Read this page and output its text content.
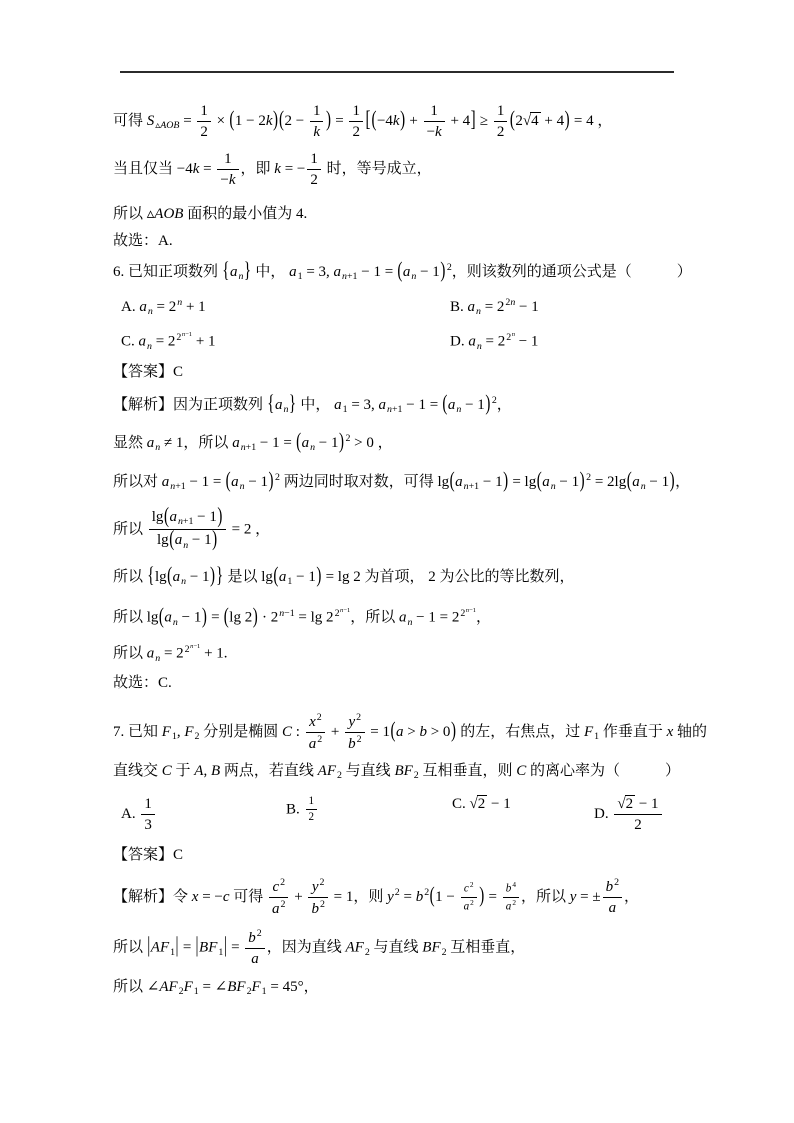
可得 $S_{▵AOB} = \frac{1}{2} \times (1 - 2k)(2 - \frac{1}{k}$ ) = $\frac{1}{2} [(-4k) + \frac{1}{-k} + 4] \ge \frac{1}{2} (2√4 + 4) = 4$ ，
当且仅当 $-4k = \frac{1}{-k}$ ，即 k = − $\frac{1}{2}$ 时，等号成立，
所以 ▵AOB 面积的最小值为 4.
故选：A.
6. 已知正项数列 $\{a_n\}$ 中， $a_1 = 3$, $a_{n+1} - 1 = (a_n - 1)$ $^2$，则该数列的通项公式是（　　　）
A. $a_n = 2^n + 1$	B. $a_n = 2^{2n} - 1$
C. $a_n = 2^{2^{n-1}} + 1$	D. $a_n = 2^{2^n} - 1$
【答案】C
【解析】因为正项数列 $\{a_n\}$ 中， $a_1 = 3$, $a_{n+1} - 1 = (a_n - 1)$ $^2$，
显然 $a_n \ne 1$，所以 $a_{n+1} - 1 = (a_n - 1) ^2 > 0$ ，
所以对 $a_{n+1} - 1 = (a_n - 1)$ $^2$ 两边同时取对数，可得 $\lg(a_{n+1} - 1) = \lg(a_n - 1) ^2 = 2\lg(a_n - 1)$，
所以 $\frac{\lg(a_{n+1} - 1)}{\lg(a_n - 1)} = 2$ ，
所以 $\{\lg(a_n - 1)\}$ 是以 $\lg(a_1 - 1) = \lg 2$ 为首项， 2 为公比的等比数列，
所以 $\lg(a_n - 1) = (\lg$ $2) \cdot 2^{n-1} = \lg 2^{2^{n-1}}$，所以 $a_n - 1 = 2^{2^{n-1}}$，
所以 $a_n = 2^{2^{n-1}} + 1$.
故选：C.
7. 已知 $F_1$, $F_2$ 分别是椭圆 C : $\frac{x^2}{a^2} + \frac{y^2}{b^2} = 1(a > b > 0)$ 的左，右焦点，过 $F_1$ 作垂直于 x 轴的
直线交 C 于 A, B 两点，若直线 $AF_2$ 与直线 $BF_2$ 互相垂直，则 C 的离心率为（　　　）
A. $\frac{1}{3}$	B. $\frac{1}{2}$	C. √2 − 1
D. $\frac{√2 - 1}{2}$
【答案】C
【解析】令 x = −c 可得 $\frac{c^2}{a^2} + \frac{y^2}{b^2} = 1$，则 $y^2 = b^2(1 - \frac{c^2}{a^2}$ ) = $\frac{b^4}{a^2}$ ，所以 y = ± $\frac{b^2}{a}$ ，
所以 $|AF_1| = |BF_1| = \frac{b^2}{a}$ ，因为直线 $AF_2$ 与直线 $BF_2$ 互相垂直，
所以 $\angle AF_2F_1$ = $\angle BF_2F_1 = 45^\circ$，
